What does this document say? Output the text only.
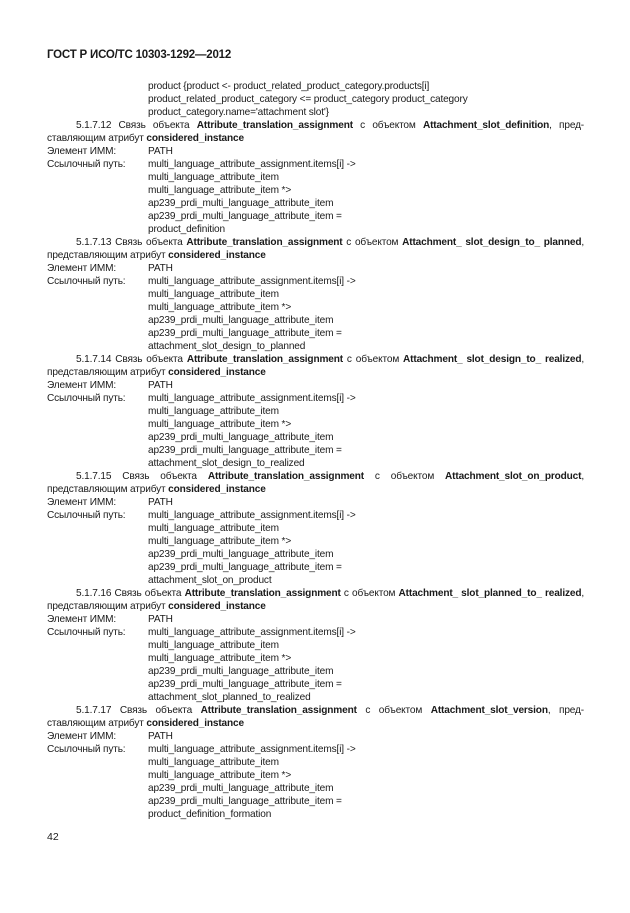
ГОСТ Р ИСО/ТС 10303-1292—2012
product {product <- product_related_product_category.products[i]
product_related_product_category <= product_category product_category
product_category.name='attachment slot'}
5.1.7.12 Связь объекта Attribute_translation_assignment с объектом Attachment_slot_definition, пред-ставляющим атрибут considered_instance
Элемент ИММ:	PATH
Ссылочный путь:	multi_language_attribute_assignment.items[i] ->
multi_language_attribute_item
multi_language_attribute_item *>
ap239_prdi_multi_language_attribute_item
ap239_prdi_multi_language_attribute_item =
product_definition
5.1.7.13 Связь объекта Attribute_translation_assignment с объектом Attachment_ slot_design_to_ planned, представляющим атрибут considered_instance
Элемент ИММ:	PATH
Ссылочный путь:	multi_language_attribute_assignment.items[i] ->
multi_language_attribute_item
multi_language_attribute_item *>
ap239_prdi_multi_language_attribute_item
ap239_prdi_multi_language_attribute_item =
attachment_slot_design_to_planned
5.1.7.14 Связь объекта Attribute_translation_assignment с объектом Attachment_ slot_design_to_ realized, представляющим атрибут considered_instance
Элемент ИММ:	PATH
Ссылочный путь:	multi_language_attribute_assignment.items[i] ->
multi_language_attribute_item
multi_language_attribute_item *>
ap239_prdi_multi_language_attribute_item
ap239_prdi_multi_language_attribute_item =
attachment_slot_design_to_realized
5.1.7.15 Связь объекта Attribute_translation_assignment с объектом Attachment_slot_on_product, представляющим атрибут considered_instance
Элемент ИММ:	PATH
Ссылочный путь:	multi_language_attribute_assignment.items[i] ->
multi_language_attribute_item
multi_language_attribute_item *>
ap239_prdi_multi_language_attribute_item
ap239_prdi_multi_language_attribute_item =
attachment_slot_on_product
5.1.7.16 Связь объекта Attribute_translation_assignment с объектом Attachment_ slot_planned_to_ realized, представляющим атрибут considered_instance
Элемент ИММ:	PATH
Ссылочный путь:	multi_language_attribute_assignment.items[i] ->
multi_language_attribute_item
multi_language_attribute_item *>
ap239_prdi_multi_language_attribute_item
ap239_prdi_multi_language_attribute_item =
attachment_slot_planned_to_realized
5.1.7.17 Связь объекта Attribute_translation_assignment с объектом Attachment_slot_version, пред-ставляющим атрибут considered_instance
Элемент ИММ:	PATH
Ссылочный путь:	multi_language_attribute_assignment.items[i] ->
multi_language_attribute_item
multi_language_attribute_item *>
ap239_prdi_multi_language_attribute_item
ap239_prdi_multi_language_attribute_item =
product_definition_formation
42
